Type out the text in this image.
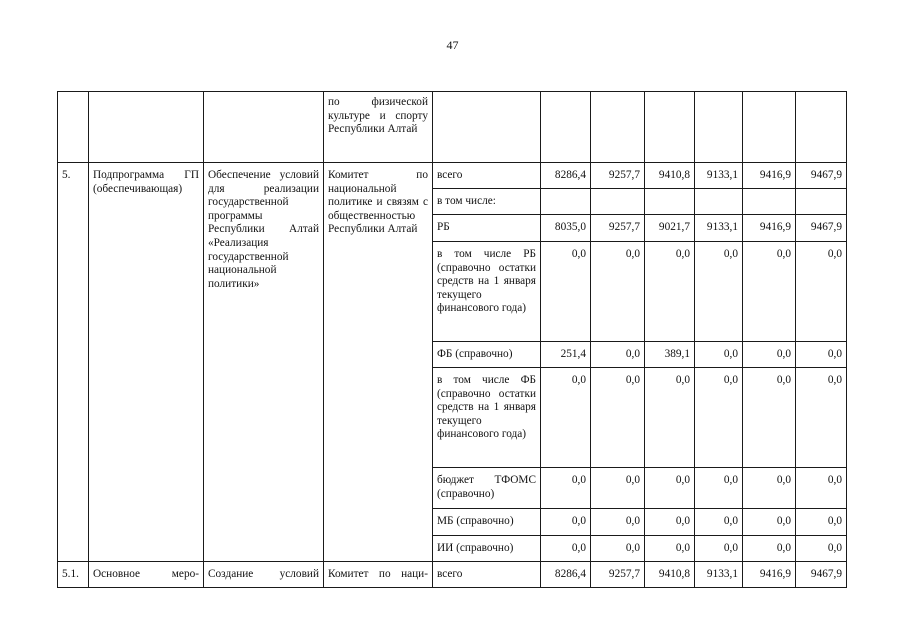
47

			по физической культуре и спорту Республики Алтай							

5.	Подпрограмма ГП (обеспечивающая)	Обеспечение условий для реализации государственной программы Республики Алтай «Реализация государственной национальной политики»	Комитет по национальной политике и связям с общественностью Республики Алтай	всего	8286,4	9257,7	9410,8	9133,1	9416,9	9467,9
				в том числе:						
				РБ	8035,0	9257,7	9021,7	9133,1	9416,9	9467,9

				в том числе РБ (справочно остатки средств на 1 января текущего финансового года)	0,0	0,0	0,0	0,0	0,0	0,0
				ФБ (справочно)	251,4	0,0	389,1	0,0	0,0	0,0

				в том числе ФБ (справочно остатки средств на 1 января текущего финансового года)	0,0	0,0	0,0	0,0	0,0	0,0

				бюджет ТФОМС (справочно)	0,0	0,0	0,0	0,0	0,0	0,0
				МБ (справочно)	0,0	0,0	0,0	0,0	0,0	0,0
				ИИ (справочно)	0,0	0,0	0,0	0,0	0,0	0,0
5.1.	Основное меро-	Создание условий	Комитет по нaци-	всего	8286,4	9257,7	9410,8	9133,1	9416,9	9467,9
